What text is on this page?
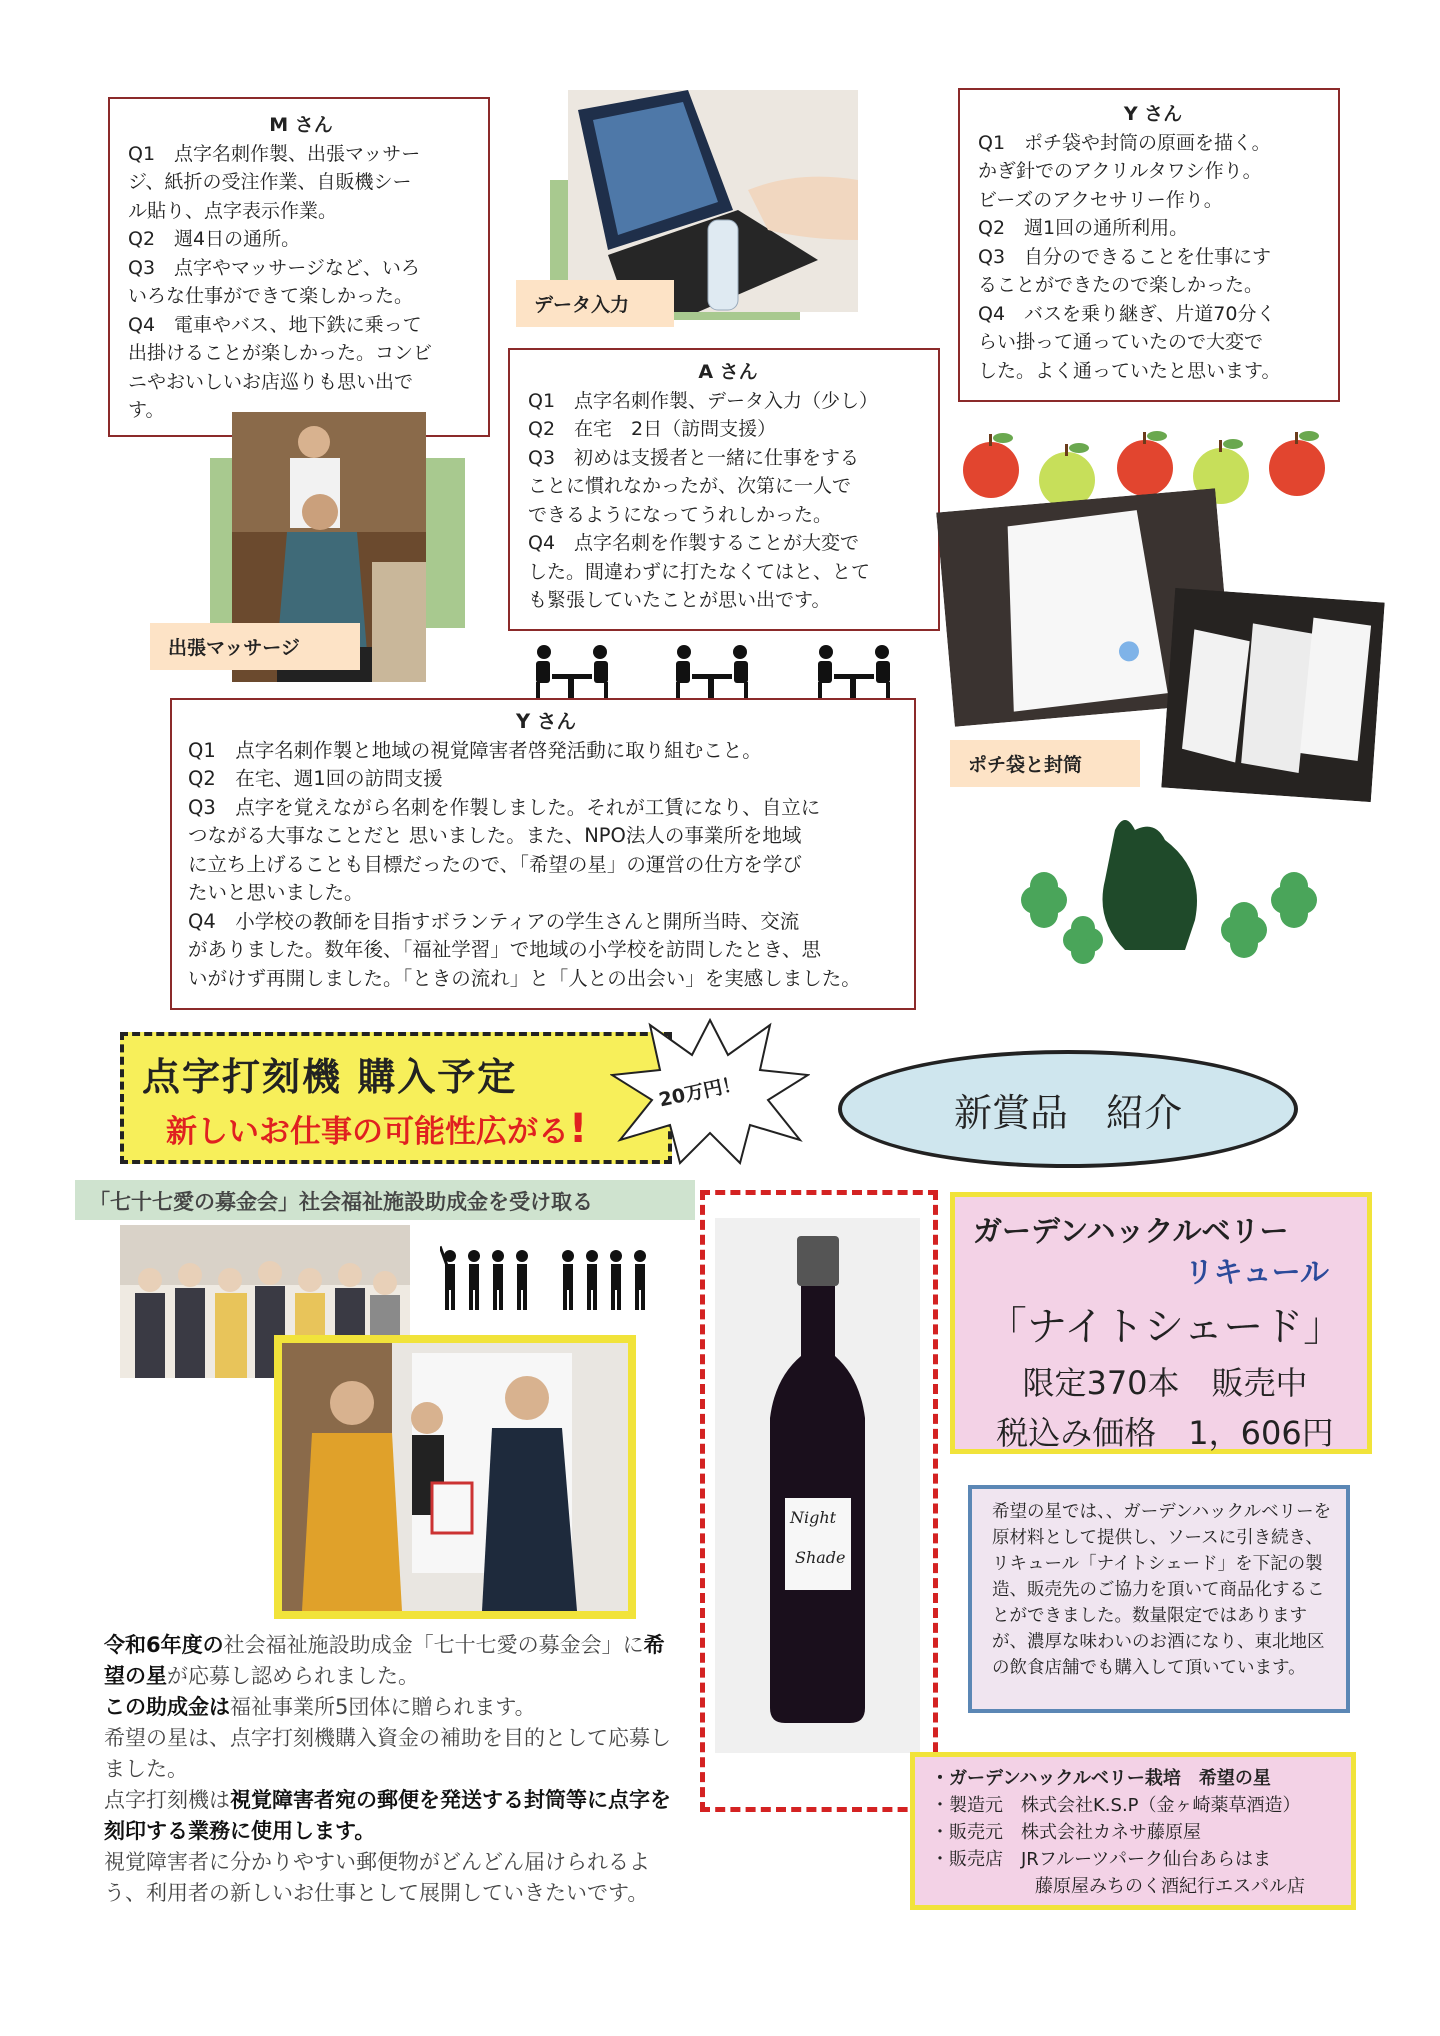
M さん
Q1　点字名刺作製、出張マッサー
ジ、紙折の受注作業、自販機シー
ル貼り、点字表示作業。
Q2　週4日の通所。
Q3　点字やマッサージなど、いろ
いろな仕事ができて楽しかった。
Q4　電車やバス、地下鉄に乗って
出掛けることが楽しかった。コンビ
ニやおいしいお店巡りも思い出で
す。
出張マッサージ
データ入力
A さん
Q1　点字名刺作製、データ入力（少し）
Q2　在宅　2日（訪問支援）
Q3　初めは支援者と一緒に仕事をする
ことに慣れなかったが、次第に一人で
できるようになってうれしかった。
Q4　点字名刺を作製することが大変で
した。間違わずに打たなくてはと、とて
も緊張していたことが思い出です。
Y さん
Q1　ポチ袋や封筒の原画を描く。
かぎ針でのアクリルタワシ作り。
ビーズのアクセサリー作り。
Q2　週1回の通所利用。
Q3　自分のできることを仕事にす
ることができたので楽しかった。
Q4　バスを乗り継ぎ、片道70分く
らい掛って通っていたので大変で
した。よく通っていたと思います。
ポチ袋と封筒
Y さん
Q1　点字名刺作製と地域の視覚障害者啓発活動に取り組むこと。
Q2　在宅、週1回の訪問支援
Q3　点字を覚えながら名刺を作製しました。それが工賃になり、自立に
つながる大事なことだと 思いました。また、NPO法人の事業所を地域
に立ち上げることも目標だったので、「希望の星」の運営の仕方を学び
たいと思いました。
Q4　小学校の教師を目指すボランティアの学生さんと開所当時、交流
がありました。数年後、「福祉学習」で地域の小学校を訪問したとき、思
いがけず再開しました。「ときの流れ」と「人との出会い」を実感しました。
点字打刻機 購入予定
新しいお仕事の可能性広がる!
20万円！	新賞品　紹介
「七十七愛の募金会」社会福祉施設助成金を受け取る

令和6年度の社会福祉施設助成金「七十七愛の募金会」に希望の星が応募し認められました。

この助成金は福祉事業所5団体に贈られます。

希望の星は、点字打刻機購入資金の補助を目的として応募しました。

点字打刻機は視覚障害者宛の郵便を発送する封筒等に点字を刻印する業務に使用します。

視覚障害者に分かりやすい郵便物がどんどん届けられるよう、利用者の新しいお仕事として展開していきたいです。

Night
Shade
ガーデンハックルベリー
リキュール
「ナイトシェード」
限定370本　販売中
税込み価格　1，606円
希望の星では、、ガーデンハックルベリーを原材料として提供し、ソースに引き続き、リキュール「ナイトシェード」を下記の製造、販売先のご協力を頂いて商品化することができました。数量限定ではありますが、濃厚な味わいのお酒になり、東北地区の飲食店舗でも購入して頂いています。
・ガーデンハックルベリー栽培　 希望の星
・製造元　 株式会社K.S.P（金ヶ崎薬草酒造）
・販売元　 株式会社カネサ藤原屋
・販売店　 JRフルーツパーク仙台あらはま
藤原屋みちのく酒紀行エスパル店
